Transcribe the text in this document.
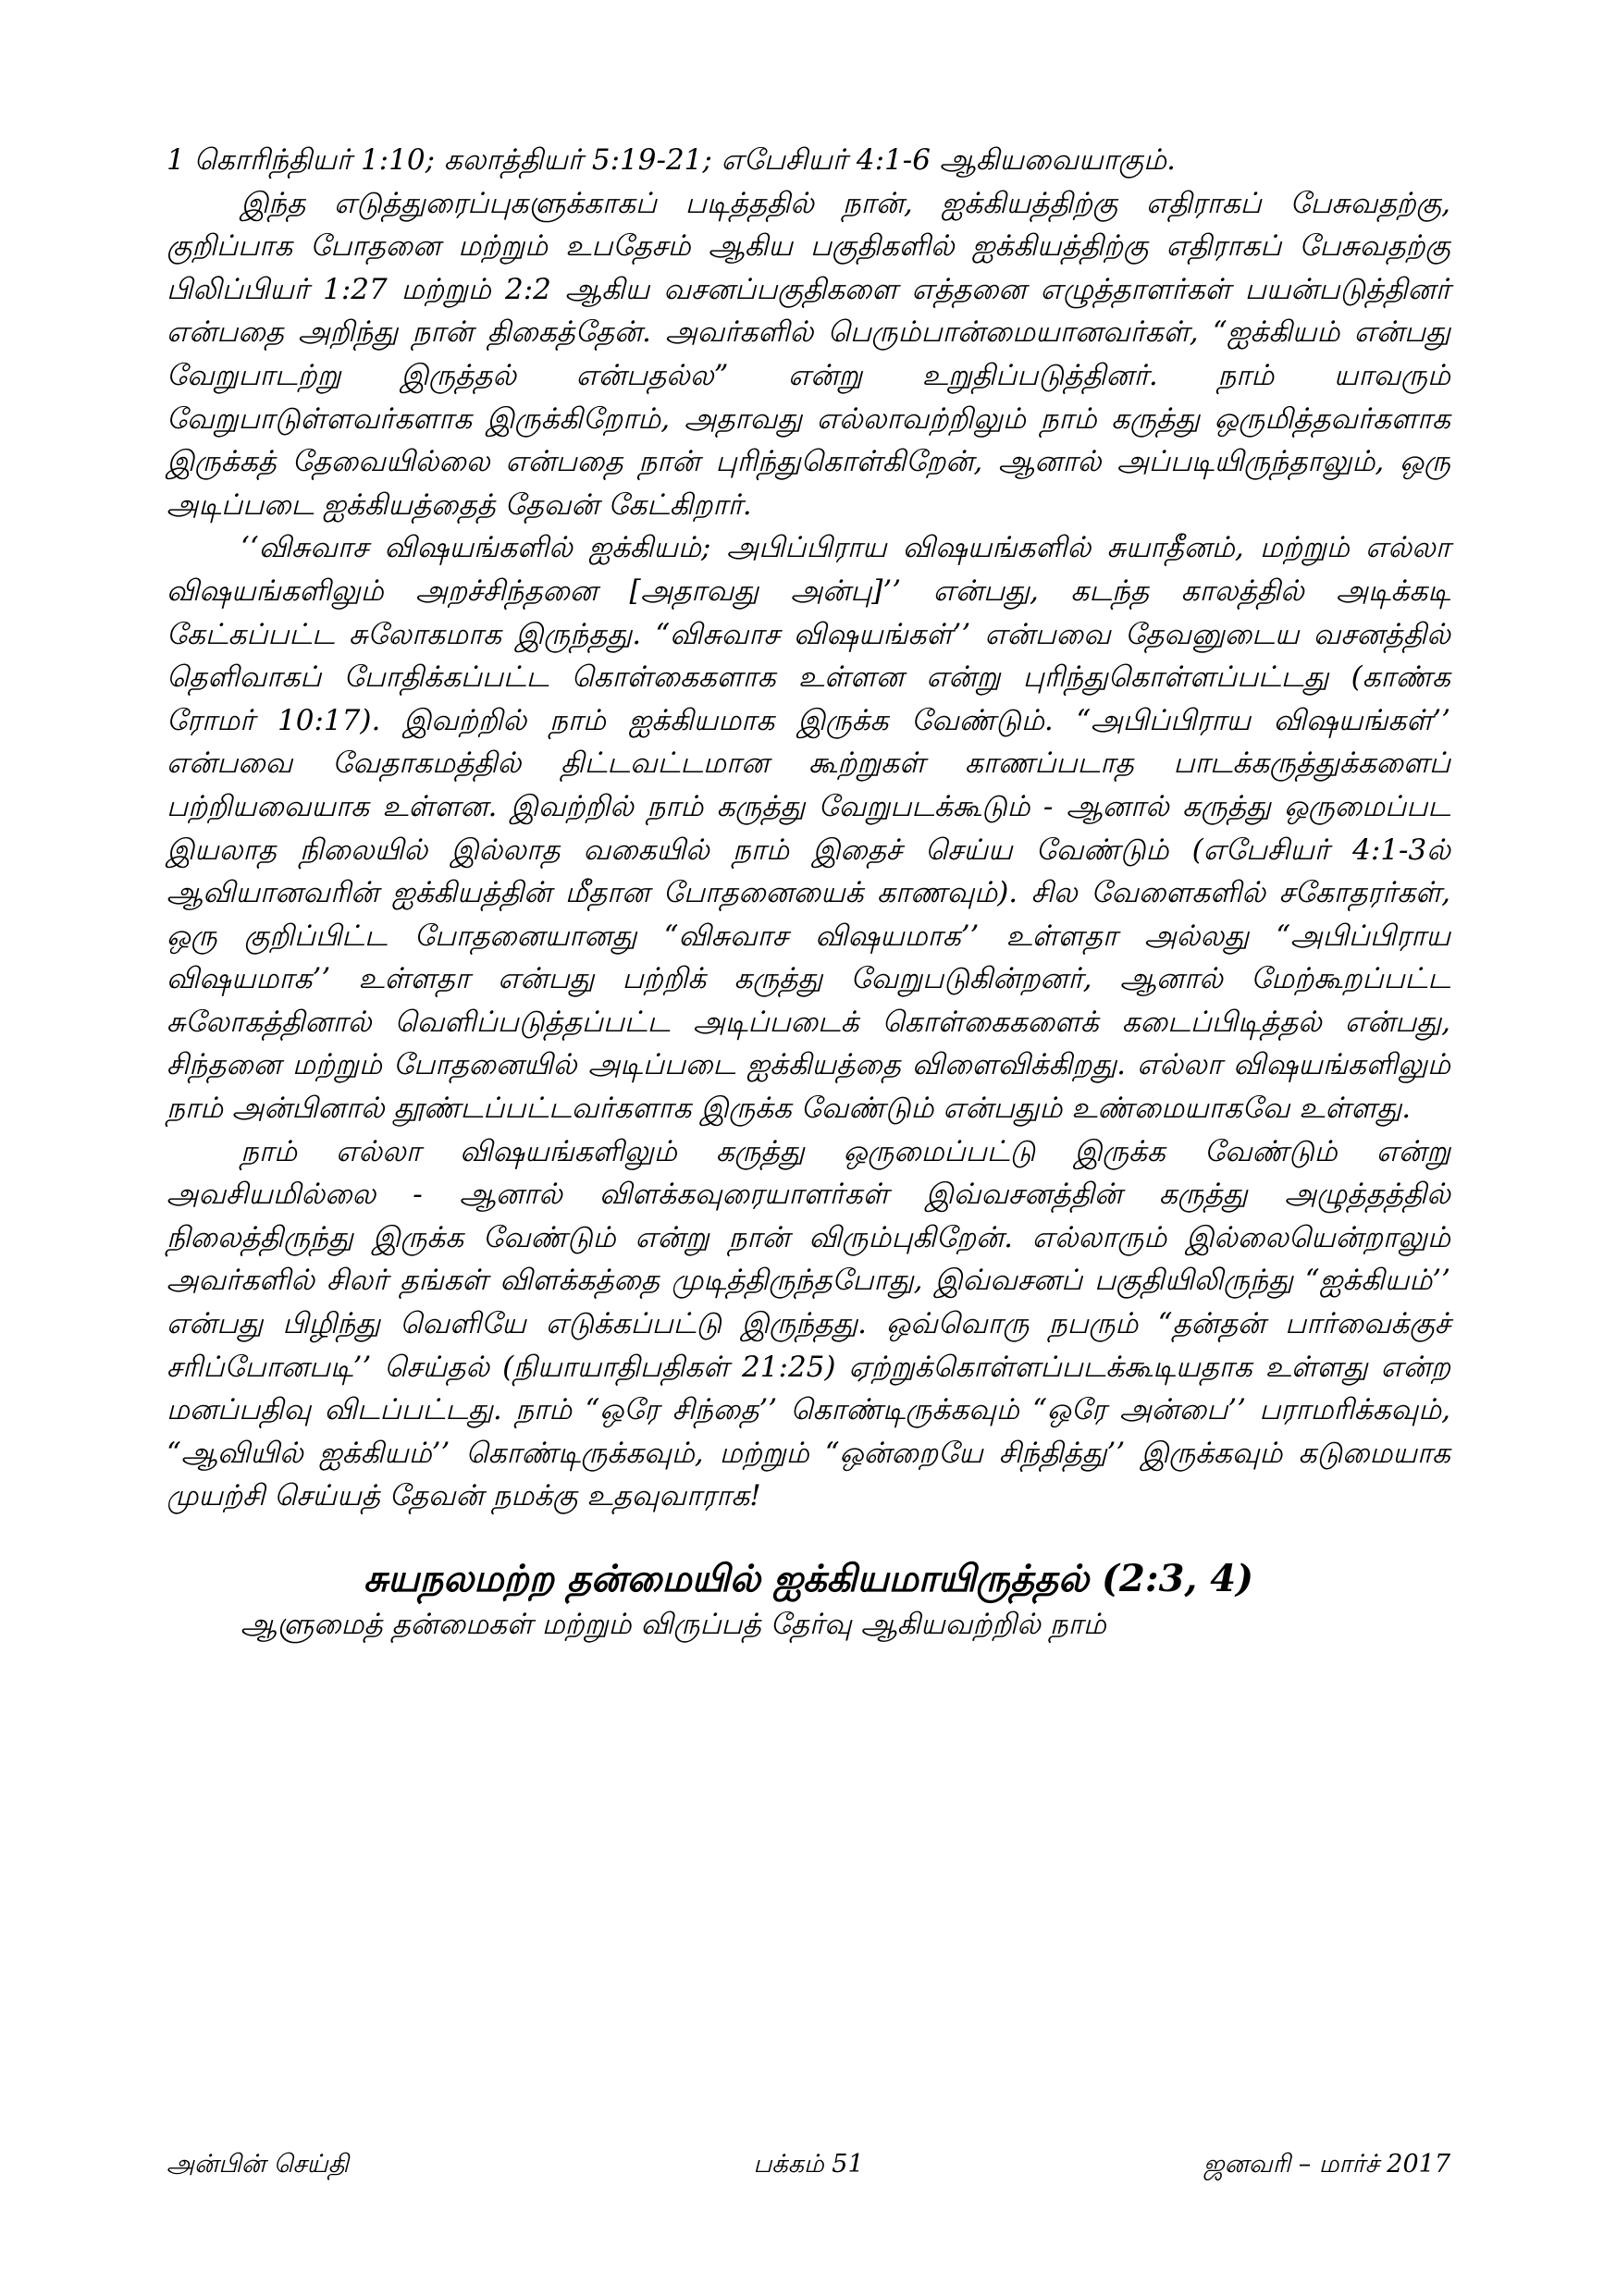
1 கொரிந்தியர் 1:10; கலாத்தியர் 5:19-21; எபேசியர் 4:1-6 ஆகியவையாகும்.

இந்த எடுத்துரைப்புகளுக்காகப் படித்ததில் நான், ஐக்கியத்திற்கு எதிராகப் பேசுவதற்கு, குறிப்பாக போதனை மற்றும் உபதேசம் ஆகிய பகுதிகளில் ஐக்கியத்திற்கு எதிராகப் பேசுவதற்கு பிலிப்பியர் 1:27 மற்றும் 2:2 ஆகிய வசனப்பகுதிகளை எத்தனை எழுத்தாளர்கள் பயன்படுத்தினர் என்பதை அறிந்து நான் திகைத்தேன். அவர்களில் பெரும்பான்மையானவர்கள், “ஐக்கியம் என்பது வேறுபாடற்று இருத்தல் என்பதல்ல” என்று உறுதிப்படுத்தினர். நாம் யாவரும் வேறுபாடுள்ளவர்களாக இருக்கிறோம், அதாவது எல்லாவற்றிலும் நாம் கருத்து ஒருமித்தவர்களாக இருக்கத் தேவையில்லை என்பதை நான் புரிந்துகொள்கிறேன், ஆனால் அப்படியிருந்தாலும், ஒரு அடிப்படை ஐக்கியத்தைத் தேவன் கேட்கிறார்.

‘‘விசுவாச விஷயங்களில் ஐக்கியம்; அபிப்பிராய விஷயங்களில் சுயாதீனம், மற்றும் எல்லா விஷயங்களிலும் அறச்சிந்தனை [அதாவது அன்பு]’’ என்பது, கடந்த காலத்தில் அடிக்கடி கேட்கப்பட்ட சுலோகமாக இருந்தது. “விசுவாச விஷயங்கள்’’ என்பவை தேவனுடைய வசனத்தில் தெளிவாகப் போதிக்கப்பட்ட கொள்கைகளாக உள்ளன என்று புரிந்துகொள்ளப்பட்டது (காண்க ரோமர் 10:17). இவற்றில் நாம் ஐக்கியமாக இருக்க வேண்டும். “அபிப்பிராய விஷயங்கள்’’ என்பவை வேதாகமத்தில் திட்டவட்டமான கூற்றுகள் காணப்படாத பாடக்கருத்துக்களைப் பற்றியவையாக உள்ளன. இவற்றில் நாம் கருத்து வேறுபடக்கூடும் - ஆனால் கருத்து ஒருமைப்பட இயலாத நிலையில் இல்லாத வகையில் நாம் இதைச் செய்ய வேண்டும் (எபேசியர் 4:1-3ல் ஆவியானவரின் ஐக்கியத்தின் மீதான போதனையைக் காணவும்). சில வேளைகளில் சகோதரர்கள், ஒரு குறிப்பிட்ட போதனையானது “விசுவாச விஷயமாக’’ உள்ளதா அல்லது “அபிப்பிராய விஷயமாக’’ உள்ளதா என்பது பற்றிக் கருத்து வேறுபடுகின்றனர், ஆனால் மேற்கூறப்பட்ட சுலோகத்தினால் வெளிப்படுத்தப்பட்ட அடிப்படைக் கொள்கைகளைக் கடைப்பிடித்தல் என்பது, சிந்தனை மற்றும் போதனையில் அடிப்படை ஐக்கியத்தை விளைவிக்கிறது. எல்லா விஷயங்களிலும் நாம் அன்பினால் தூண்டப்பட்டவர்களாக இருக்க வேண்டும் என்பதும் உண்மையாகவே உள்ளது.

நாம் எல்லா விஷயங்களிலும் கருத்து ஒருமைப்பட்டு இருக்க வேண்டும் என்று அவசியமில்லை - ஆனால் விளக்கவுரையாளர்கள் இவ்வசனத்தின் கருத்து அழுத்தத்தில் நிலைத்திருந்து இருக்க வேண்டும் என்று நான் விரும்புகிறேன். எல்லாரும் இல்லையென்றாலும் அவர்களில் சிலர் தங்கள் விளக்கத்தை முடித்திருந்தபோது, இவ்வசனப் பகுதியிலிருந்து “ஐக்கியம்’’ என்பது பிழிந்து வெளியே எடுக்கப்பட்டு இருந்தது. ஒவ்வொரு நபரும் “தன்தன் பார்வைக்குச் சரிப்போனபடி’’ செய்தல் (நியாயாதிபதிகள் 21:25) ஏற்றுக்கொள்ளப்படக்கூடியதாக உள்ளது என்ற மனப்பதிவு விடப்பட்டது. நாம் “ஒரே சிந்தை’’ கொண்டிருக்கவும் “ஒரே அன்பை’’ பராமரிக்கவும், “ஆவியில் ஐக்கியம்’’ கொண்டிருக்கவும், மற்றும் “ஒன்றையே சிந்தித்து’’ இருக்கவும் கடுமையாக முயற்சி செய்யத் தேவன் நமக்கு உதவுவாராக!

சுயநலமற்ற தன்மையில் ஐக்கியமாயிருத்தல் (2:3, 4)

ஆளுமைத் தன்மைகள் மற்றும் விருப்பத் தேர்வு ஆகியவற்றில் நாம்

அன்பின் செய்தி	பக்கம் 51	ஜனவரி – மார்ச் 2017
